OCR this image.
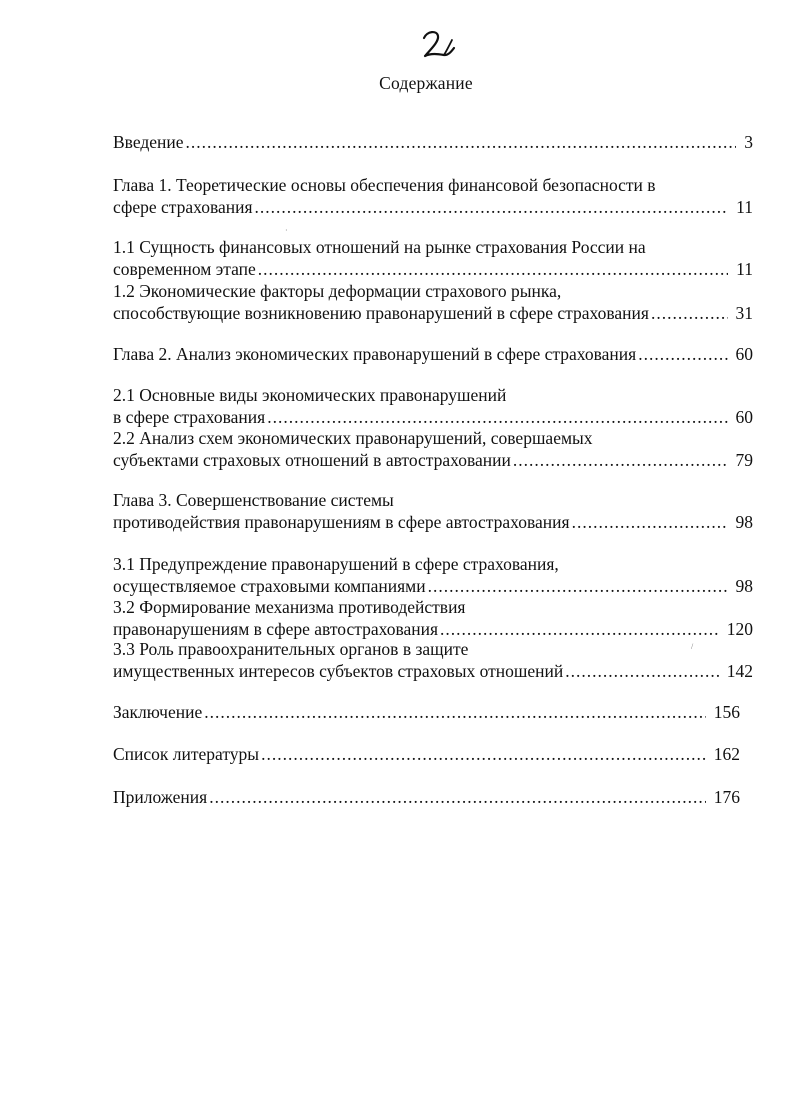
Содержание
Введение .....	3
Глава 1. Теоретические основы обеспечения финансовой безопасности в
сфере страхования .....	11
1.1 Сущность финансовых отношений на рынке страхования России на
современном этапе .....	11
1.2 Экономические факторы деформации страхового рынка,
способствующие возникновению правонарушений в сфере страхования .....	31
Глава 2. Анализ экономических правонарушений в сфере страхования .....	60
2.1 Основные виды экономических правонарушений
в сфере страхования .....	60
2.2 Анализ схем экономических правонарушений, совершаемых
субъектами страховых отношений в автостраховании .....	79
Глава 3. Совершенствование системы
противодействия правонарушениям в сфере автострахования .....	98
3.1 Предупреждение правонарушений в сфере страхования,
осуществляемое страховыми компаниями .....	98
3.2 Формирование механизма противодействия
правонарушениям в сфере автострахования .....	120
3.3 Роль правоохранительных органов в защите
имущественных интересов субъектов страховых отношений .....	142
Заключение .....	156
Список литературы .....	162
Приложения .....	176
·
/
